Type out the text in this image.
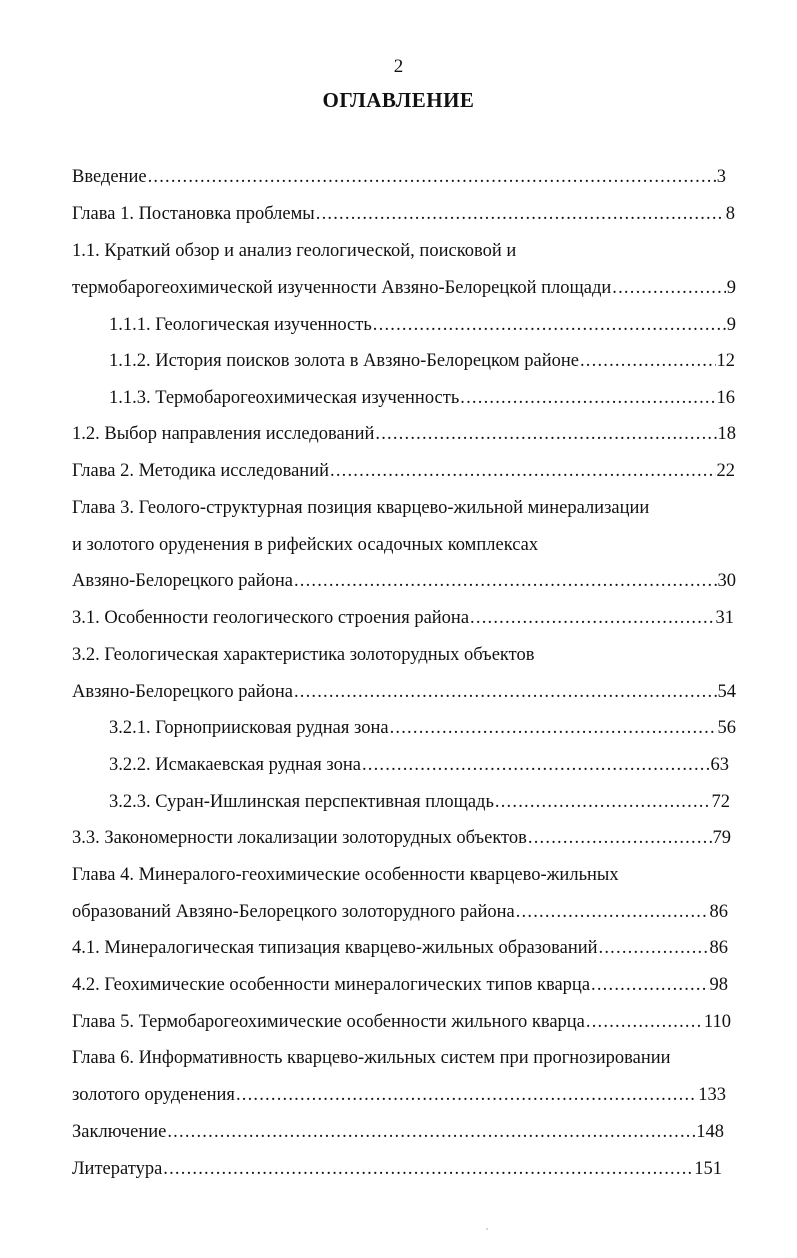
2
ОГЛАВЛЕНИЕ
Введение .....	3
Глава 1. Постановка проблемы .....	8
1.1. Краткий обзор и анализ геологической, поисковой и
термобарогеохимической изученности Авзяно-Белорецкой площади .....	9
1.1.1. Геологическая изученность .....	9
1.1.2. История поисков золота в Авзяно-Белорецком районе .....	12
1.1.3. Термобарогеохимическая изученность .....	16
1.2. Выбор направления исследований .....	18
Глава 2. Методика исследований .....	22
Глава 3. Геолого-структурная позиция кварцево-жильной минерализации
и золотого оруденения в рифейских осадочных комплексах
Авзяно-Белорецкого района .....	30
3.1. Особенности геологического строения района .....	31
3.2. Геологическая характеристика золоторудных объектов
Авзяно-Белорецкого района .....	54
3.2.1. Горноприисковая рудная зона .....	56
3.2.2. Исмакаевская рудная зона .....	63
3.2.3. Суран-Ишлинская перспективная площадь .....	72
3.3. Закономерности локализации золоторудных объектов .....	79
Глава 4. Минералого-геохимические особенности кварцево-жильных
образований Авзяно-Белорецкого золоторудного района .....	86
4.1. Минералогическая типизация кварцево-жильных образований .....	86
4.2. Геохимические особенности минералогических типов кварца .....	98
Глава 5. Термобарогеохимические особенности жильного кварца .....	110
Глава 6. Информативность кварцево-жильных систем при прогнозировании
золотого оруденения .....	133
Заключение .....	148
Литература .....	151
